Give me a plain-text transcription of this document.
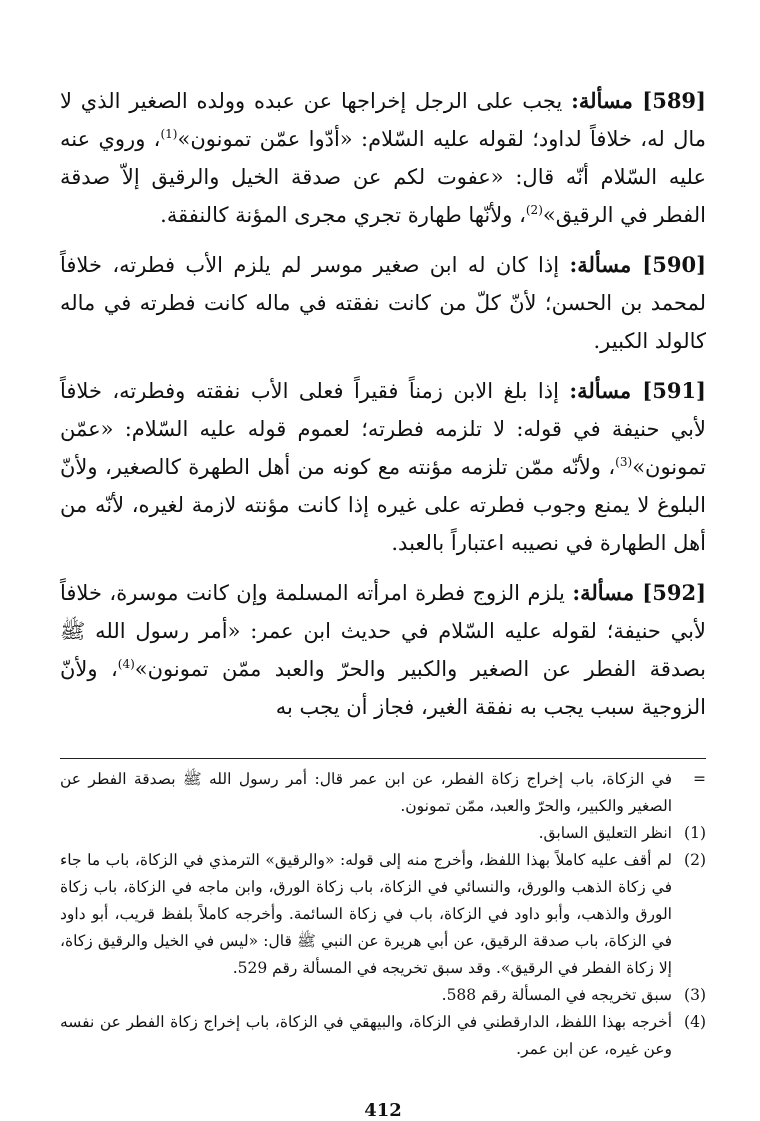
[589] مسألة: يجب على الرجل إخراجها عن عبده وولده الصغير الذي لا مال له، خلافاً لداود؛ لقوله عليه السّلام: «أدّوا عمّن تمونون»$^{(1)}$، وروي عنه عليه السّلام أنّه قال: «عفوت لكم عن صدقة الخيل والرقيق إلاّ صدقة الفطر في الرقيق»$^{(2)}$، ولأنّها طهارة تجري مجرى المؤنة كالنفقة.

[590] مسألة: إذا كان له ابن صغير موسر لم يلزم الأب فطرته، خلافاً لمحمد بن الحسن؛ لأنّ كلّ من كانت نفقته في ماله كانت فطرته في ماله كالولد الكبير.

[591] مسألة: إذا بلغ الابن زمناً فقيراً فعلى الأب نفقته وفطرته، خلافاً لأبي حنيفة في قوله: لا تلزمه فطرته؛ لعموم قوله عليه السّلام: «عمّن تمونون»$^{(3)}$، ولأنّه ممّن تلزمه مؤنته مع كونه من أهل الطهرة كالصغير، ولأنّ البلوغ لا يمنع وجوب فطرته على غيره إذا كانت مؤنته لازمة لغيره، لأنّه من أهل الطهارة في نصيبه اعتباراً بالعبد.

[592] مسألة: يلزم الزوج فطرة امرأته المسلمة وإن كانت موسرة، خلافاً لأبي حنيفة؛ لقوله عليه السّلام في حديث ابن عمر: «أمر رسول الله ﷺ بصدقة الفطر عن الصغير والكبير والحرّ والعبد ممّن تمونون»$^{(4)}$، ولأنّ الزوجية سبب يجب به نفقة الغير، فجاز أن يجب به

=
في الزكاة، باب إخراج زكاة الفطر، عن ابن عمر قال: أمر رسول الله ﷺ بصدقة الفطر عن الصغير والكبير، والحرّ والعبد، ممّن تمونون.
(1)
انظر التعليق السابق.
(2)
لم أقف عليه كاملاً بهذا اللفظ، وأخرج منه إلى قوله: «والرقيق» الترمذي في الزكاة، باب ما جاء في زكاة الذهب والورق، والنسائي في الزكاة، باب زكاة الورق، وابن ماجه في الزكاة، باب زكاة الورق والذهب، وأبو داود في الزكاة، باب في زكاة السائمة. وأخرجه كاملاً بلفظ قريب، أبو داود في الزكاة، باب صدقة الرقيق، عن أبي هريرة عن النبي ﷺ قال: «ليس في الخيل والرقيق زكاة، إلا زكاة الفطر في الرقيق». وقد سبق تخريجه في المسألة رقم 529.
(3)
سبق تخريجه في المسألة رقم 588.
(4)
أخرجه بهذا اللفظ، الدارقطني في الزكاة، والبيهقي في الزكاة، باب إخراج زكاة الفطر عن نفسه وعن غيره، عن ابن عمر.
412
